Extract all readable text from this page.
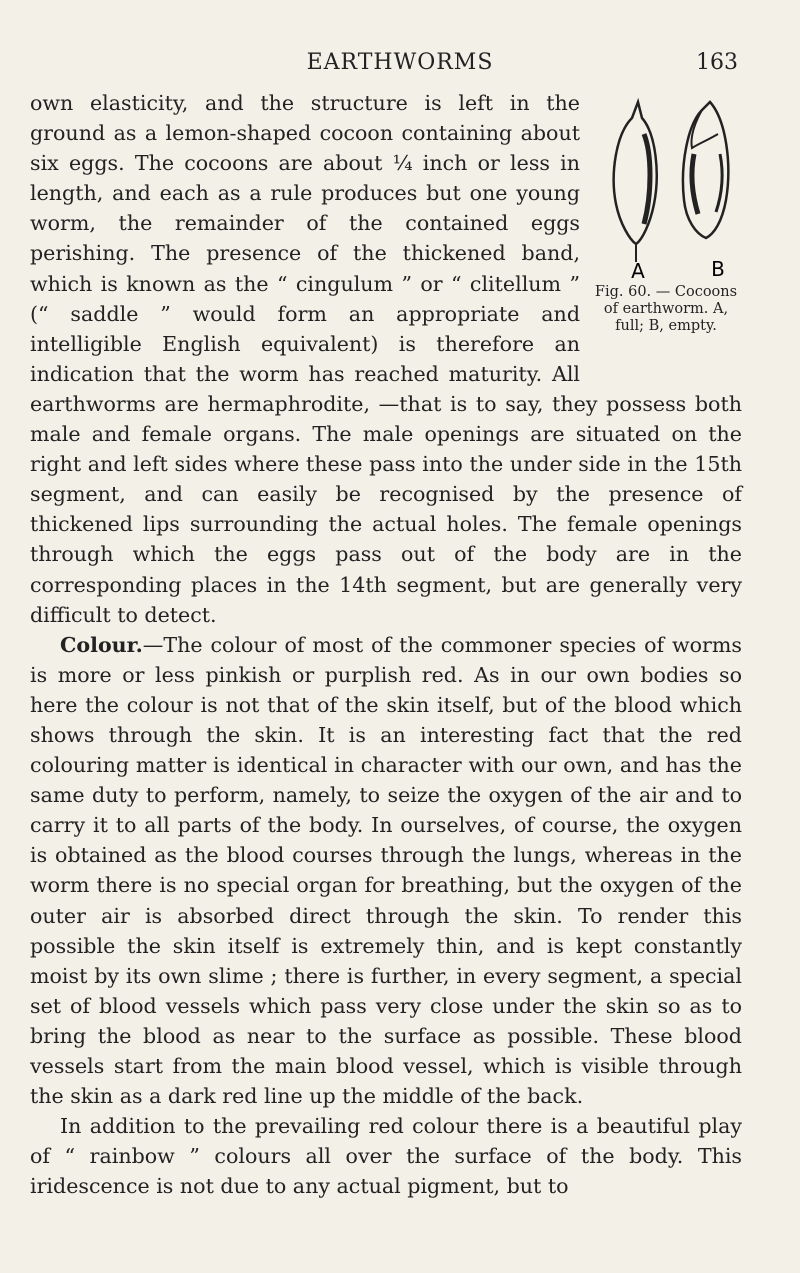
EARTHWORMS	163

A	B
Fig. 60. — Cocoons of earthworm. A, full; B, empty.
own elasticity, and the structure is left in the ground as a lemon-shaped cocoon containing about six eggs. The cocoons are about ¼ inch or less in length, and each as a rule produces but one young worm, the remainder of the contained eggs perishing. The presence of the thickened band, which is known as the “ cingulum ” or “ clitellum ” (“ saddle ” would form an appropriate and intelligible English equivalent) is therefore an indication that the worm has reached maturity. All earthworms are hermaphrodite, —that is to say, they possess both male and female organs. The male openings are situated on the right and left sides where these pass into the under side in the 15th segment, and can easily be recognised by the presence of thickened lips surrounding the actual holes. The female openings through which the eggs pass out of the body are in the corresponding places in the 14th segment, but are generally very difficult to detect.

Colour.—The colour of most of the commoner species of worms is more or less pinkish or purplish red. As in our own bodies so here the colour is not that of the skin itself, but of the blood which shows through the skin. It is an interesting fact that the red colouring matter is identical in character with our own, and has the same duty to perform, namely, to seize the oxygen of the air and to carry it to all parts of the body. In ourselves, of course, the oxygen is obtained as the blood courses through the lungs, whereas in the worm there is no special organ for breathing, but the oxygen of the outer air is absorbed direct through the skin. To render this possible the skin itself is extremely thin, and is kept constantly moist by its own slime ; there is further, in every segment, a special set of blood vessels which pass very close under the skin so as to bring the blood as near to the surface as possible. These blood vessels start from the main blood vessel, which is visible through the skin as a dark red line up the middle of the back.

In addition to the prevailing red colour there is a beautiful play of “ rainbow ” colours all over the surface of the body. This iridescence is not due to any actual pigment, but to
